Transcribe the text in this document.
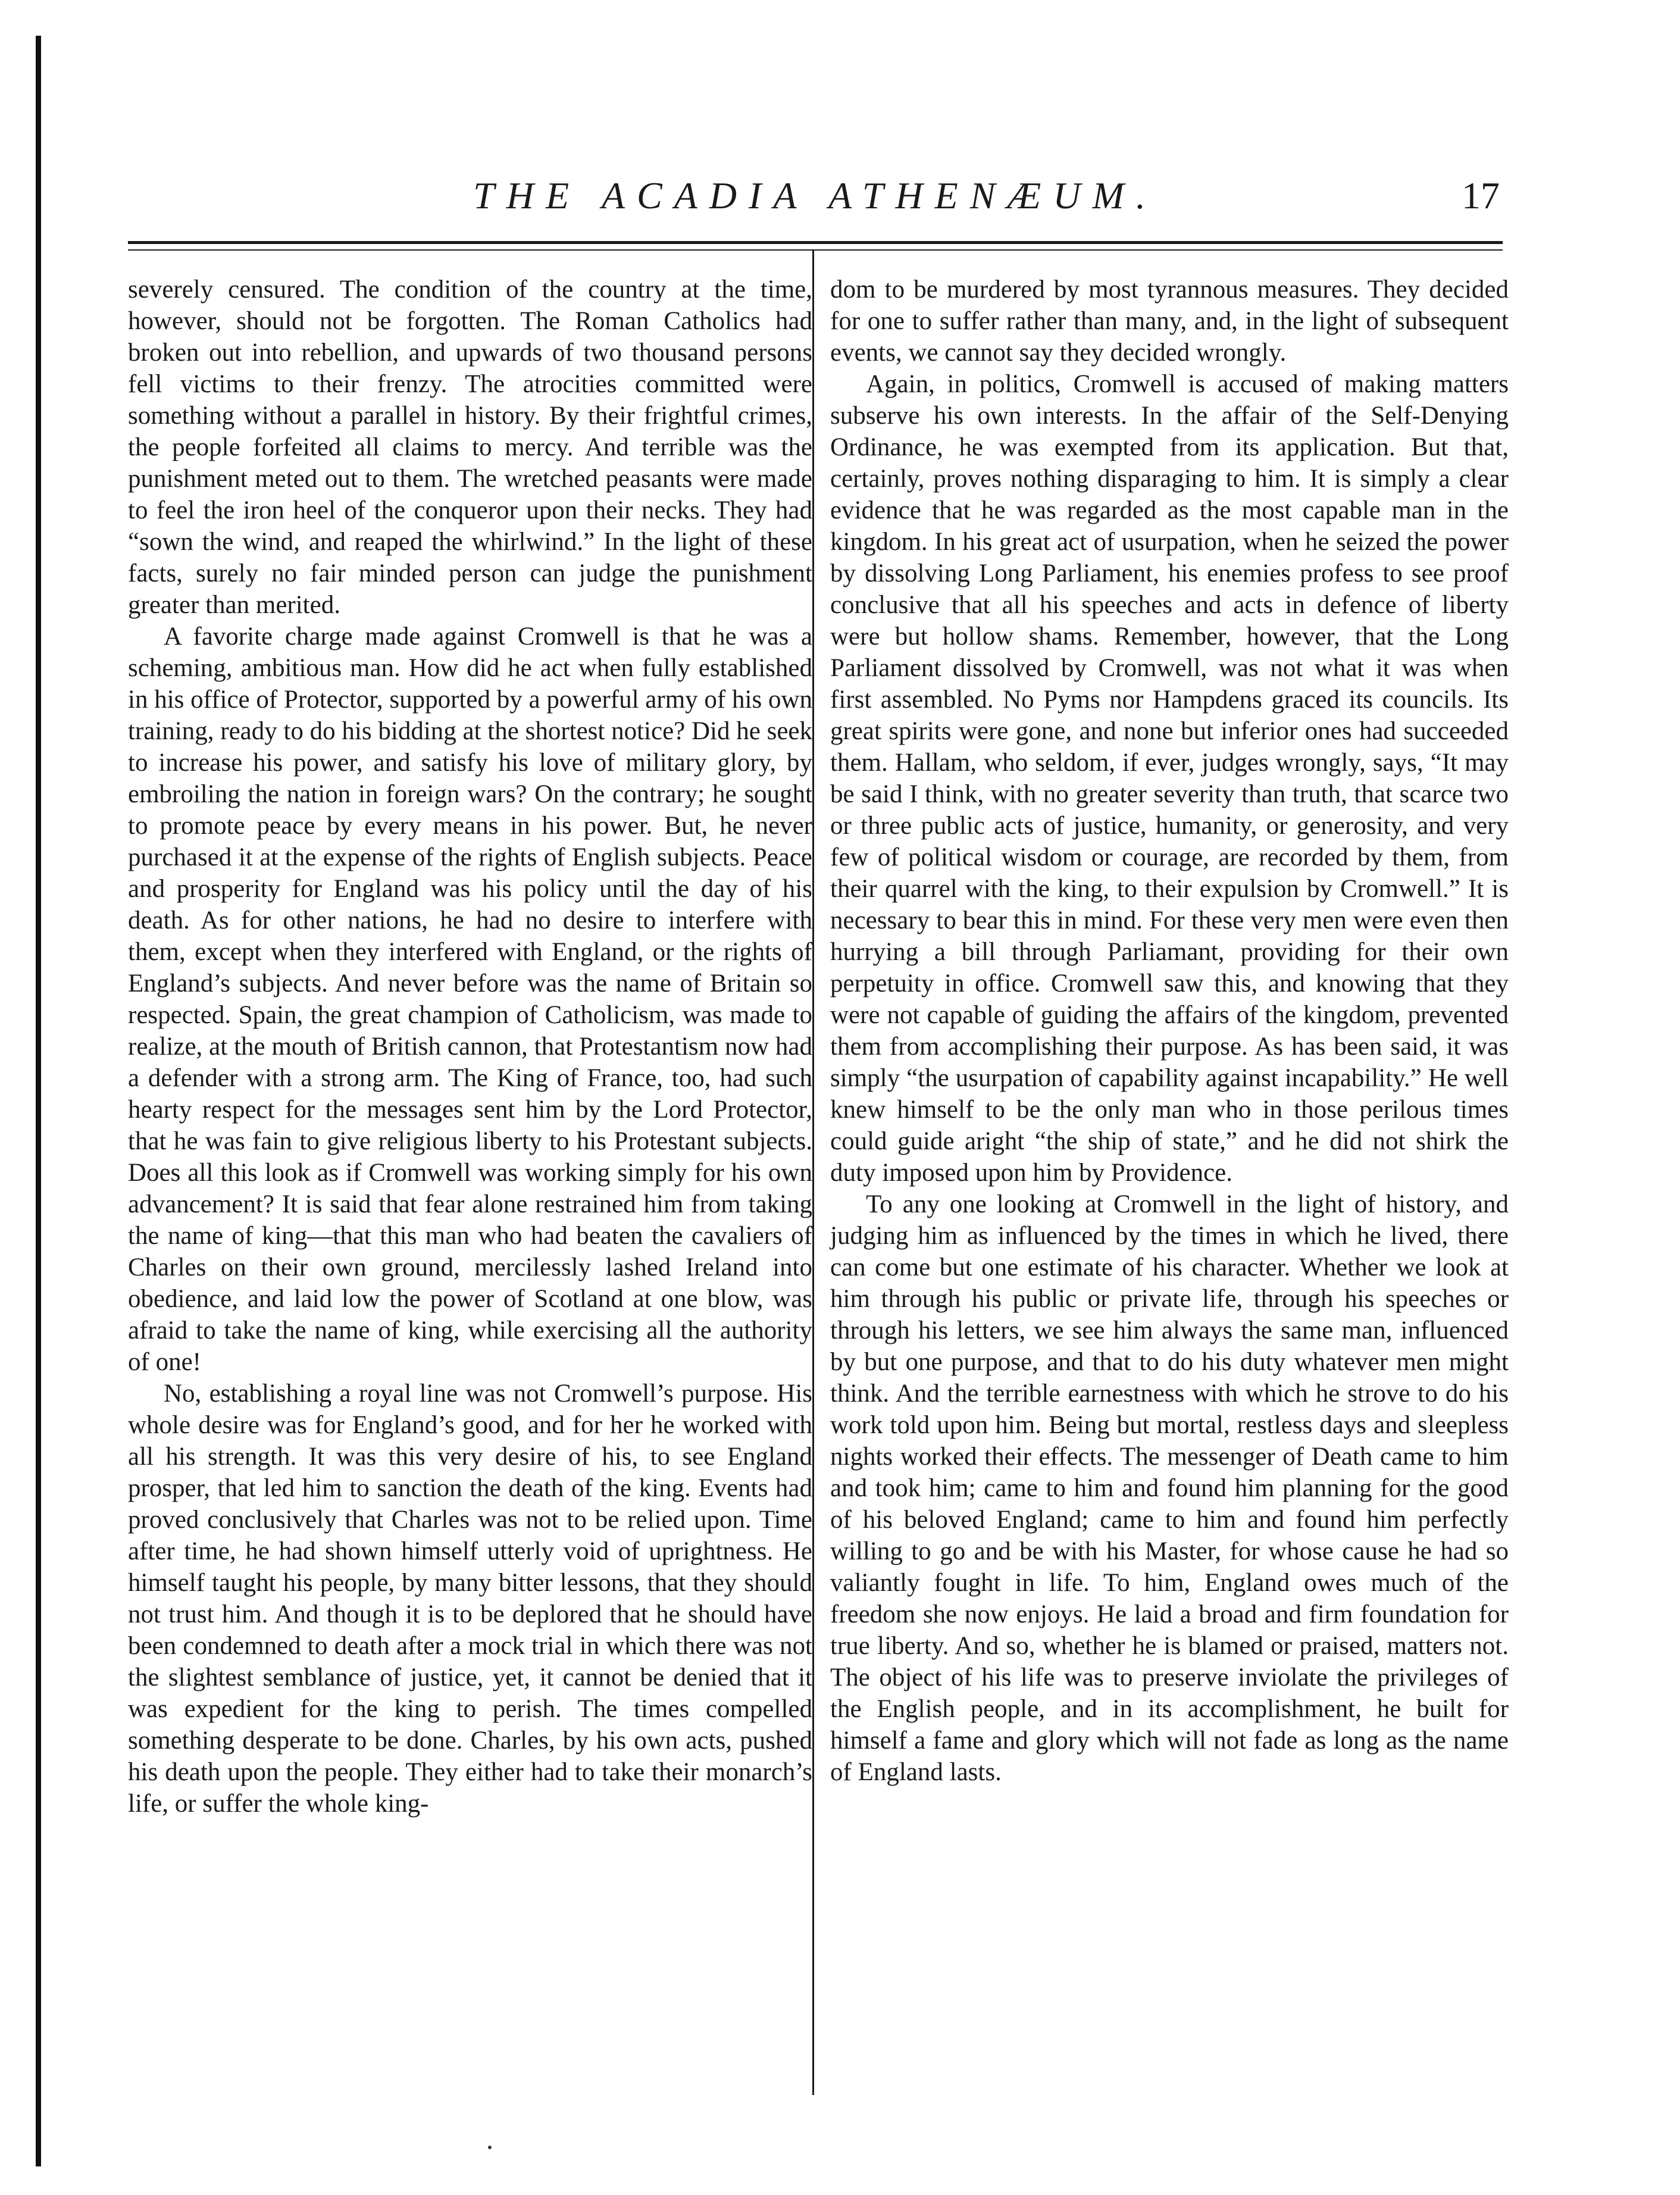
THE ACADIA ATHENÆUM.	17

severely censured. The condition of the country at the time, however, should not be forgotten. The Roman Catholics had broken out into rebellion, and upwards of two thousand persons fell victims to their frenzy. The atrocities committed were something without a parallel in history. By their frightful crimes, the people forfeited all claims to mercy. And terrible was the punishment meted out to them. The wretched peasants were made to feel the iron heel of the conqueror upon their necks. They had “sown the wind, and reaped the whirlwind.” In the light of these facts, surely no fair minded person can judge the punishment greater than merited.

A favorite charge made against Cromwell is that he was a scheming, ambitious man. How did he act when fully established in his office of Protector, supported by a powerful army of his own training, ready to do his bidding at the shortest notice? Did he seek to increase his power, and satisfy his love of military glory, by embroiling the nation in foreign wars? On the contrary; he sought to promote peace by every means in his power. But, he never purchased it at the expense of the rights of English subjects. Peace and prosperity for England was his policy until the day of his death. As for other nations, he had no desire to interfere with them, except when they interfered with England, or the rights of England’s subjects. And never before was the name of Britain so respected. Spain, the great champion of Catholicism, was made to realize, at the mouth of British cannon, that Protestantism now had a defender with a strong arm. The King of France, too, had such hearty respect for the messages sent him by the Lord Protector, that he was fain to give religious liberty to his Protestant subjects. Does all this look as if Cromwell was working simply for his own advancement? It is said that fear alone restrained him from taking the name of king—that this man who had beaten the cavaliers of Charles on their own ground, mercilessly lashed Ireland into obedience, and laid low the power of Scotland at one blow, was afraid to take the name of king, while exercising all the authority of one!

No, establishing a royal line was not Cromwell’s purpose. His whole desire was for England’s good, and for her he worked with all his strength. It was this very desire of his, to see England prosper, that led him to sanction the death of the king. Events had proved conclusively that Charles was not to be relied upon. Time after time, he had shown himself utterly void of uprightness. He himself taught his people, by many bitter lessons, that they should not trust him. And though it is to be deplored that he should have been condemned to death after a mock trial in which there was not the slightest semblance of justice, yet, it cannot be denied that it was expedient for the king to perish. The times compelled something desperate to be done. Charles, by his own acts, pushed his death upon the people. They either had to take their monarch’s life, or suffer the whole king-

dom to be murdered by most tyrannous measures. They decided for one to suffer rather than many, and, in the light of subsequent events, we cannot say they decided wrongly.

Again, in politics, Cromwell is accused of making matters subserve his own interests. In the affair of the Self-Denying Ordinance, he was exempted from its application. But that, certainly, proves nothing disparaging to him. It is simply a clear evidence that he was regarded as the most capable man in the kingdom. In his great act of usurpation, when he seized the power by dissolving Long Parliament, his enemies profess to see proof conclusive that all his speeches and acts in defence of liberty were but hollow shams. Remember, however, that the Long Parliament dissolved by Cromwell, was not what it was when first assembled. No Pyms nor Hampdens graced its councils. Its great spirits were gone, and none but inferior ones had succeeded them. Hallam, who seldom, if ever, judges wrongly, says, “It may be said I think, with no greater severity than truth, that scarce two or three public acts of justice, humanity, or generosity, and very few of political wisdom or courage, are recorded by them, from their quarrel with the king, to their expulsion by Cromwell.” It is necessary to bear this in mind. For these very men were even then hurrying a bill through Parliamant, providing for their own perpetuity in office. Cromwell saw this, and knowing that they were not capable of guiding the affairs of the kingdom, prevented them from accomplishing their purpose. As has been said, it was simply “the usurpation of capability against incapability.” He well knew himself to be the only man who in those perilous times could guide aright “the ship of state,” and he did not shirk the duty imposed upon him by Providence.

To any one looking at Cromwell in the light of history, and judging him as influenced by the times in which he lived, there can come but one estimate of his character. Whether we look at him through his public or private life, through his speeches or through his letters, we see him always the same man, influenced by but one purpose, and that to do his duty whatever men might think. And the terrible earnestness with which he strove to do his work told upon him. Being but mortal, restless days and sleepless nights worked their effects. The messenger of Death came to him and took him; came to him and found him planning for the good of his beloved England; came to him and found him perfectly willing to go and be with his Master, for whose cause he had so valiantly fought in life. To him, England owes much of the freedom she now enjoys. He laid a broad and firm foundation for true liberty. And so, whether he is blamed or praised, matters not. The object of his life was to preserve inviolate the privileges of the English people, and in its accomplishment, he built for himself a fame and glory which will not fade as long as the name of England lasts.
